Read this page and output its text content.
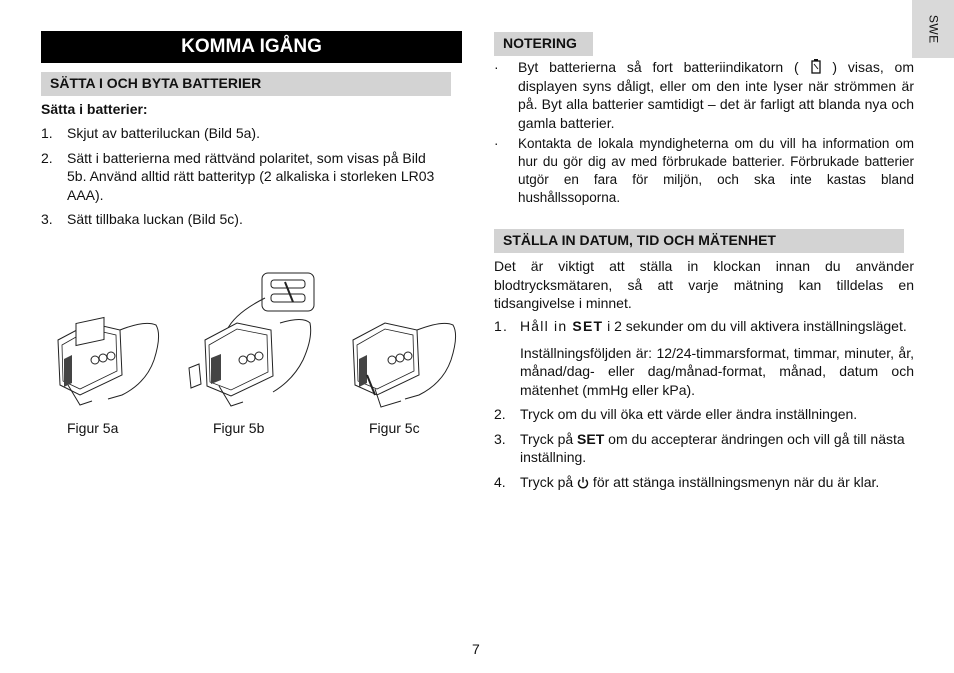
SWE
KOMMA IGÅNG
SÄTTA I OCH BYTA BATTERIER
Sätta i batterier:
1. Skjut av batteriluckan (Bild 5a).
2. Sätt i batterierna med rättvänd polaritet, som visas på Bild 5b. Använd alltid rätt batterityp (2 alkaliska i storleken LR03 AAA).
3. Sätt tillbaka luckan (Bild 5c).
Figur 5a	Figur 5b	Figur 5c
NOTERING
· Byt batterierna så fort batteriindikatorn ( ) visas, om displayen syns dåligt, eller om den inte lyser när strömmen är på. Byt alla batterier samtidigt – det är farligt att blanda nya och gamla batterier.
· Kontakta de lokala myndigheterna om du vill ha information om hur du gör dig av med förbrukade batterier. Förbrukade batterier utgör en fara för miljön, och ska inte kastas bland hushållssoporna.
STÄLLA IN DATUM, TID OCH MÄTENHET
Det är viktigt att ställa in klockan innan du använder blodtrycksmätaren, så att varje mätning kan tilldelas en tidsangivelse i minnet.
1. Håll in SET i 2 sekunder om du vill aktivera inställningsläget.
Inställningsföljden är: 12/24-timmarsformat, timmar, minuter, år, månad/dag- eller dag/månad-format, månad, datum och mätenhet (mmHg eller kPa).
2. Tryck om du vill öka ett värde eller ändra inställningen.
3. Tryck på SET om du accepterar ändringen och vill gå till nästa inställning.
4. Tryck på  för att stänga inställningsmenyn när du är klar.
7
